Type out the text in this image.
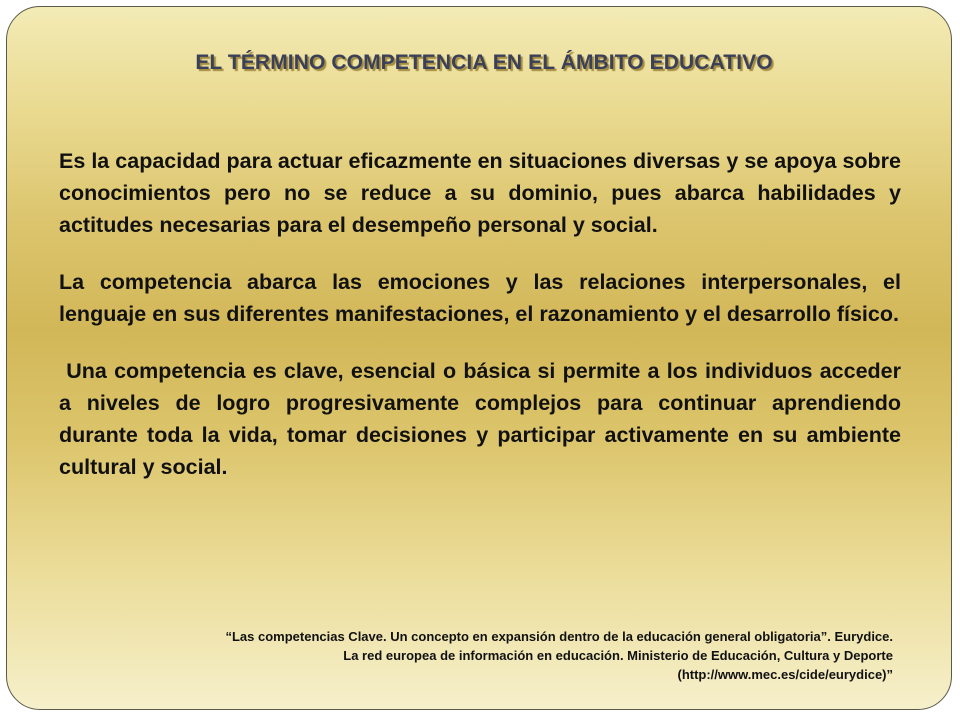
EL TÉRMINO COMPETENCIA EN EL ÁMBITO EDUCATIVO

Es la capacidad para actuar eficazmente en situaciones diversas y se apoya sobre conocimientos pero no se reduce a su dominio, pues abarca habilidades y actitudes necesarias para el desempeño personal y social.

La competencia abarca las emociones y las relaciones interpersonales, el lenguaje en sus diferentes manifestaciones, el razonamiento y el desarrollo físico.

Una competencia es clave, esencial o básica si permite a los individuos acceder a niveles de logro progresivamente complejos para continuar aprendiendo durante toda la vida, tomar decisiones y participar activamente en su ambiente cultural y social.

“Las competencias Clave. Un concepto en expansión dentro de la educación general obligatoria”. Eurydice.
La red europea de información en educación. Ministerio de Educación, Cultura y Deporte
(http://www.mec.es/cide/eurydice)”
